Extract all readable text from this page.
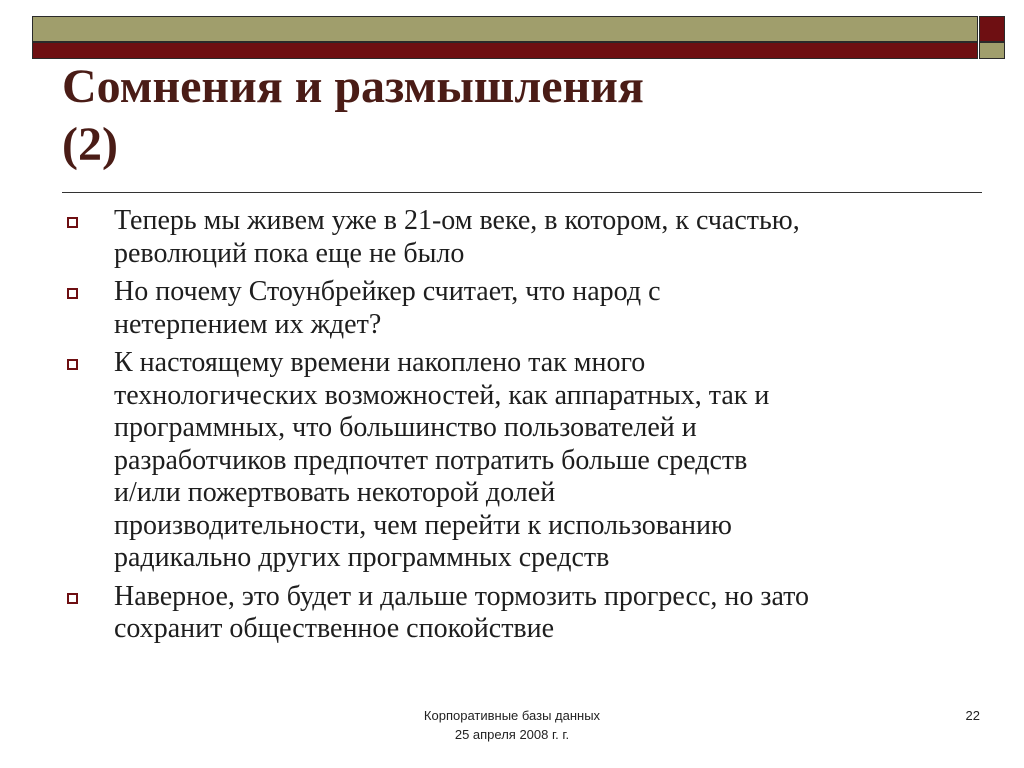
Сомнения и размышления
(2)
Теперь мы живем уже в 21-ом веке, в котором, к счастью,
революций пока еще не было
Но почему Стоунбрейкер считает, что народ с
нетерпением их ждет?
К настоящему времени накоплено так много
технологических возможностей, как аппаратных, так и
программных, что большинство пользователей и
разработчиков предпочтет потратить больше средств
и/или пожертвовать некоторой долей
производительности, чем перейти к использованию
радикально других программных средств
Наверное, это будет и дальше тормозить прогресс, но зато
сохранит общественное спокойствие
Корпоративные базы данных
25 апреля 2008 г. г.
22
